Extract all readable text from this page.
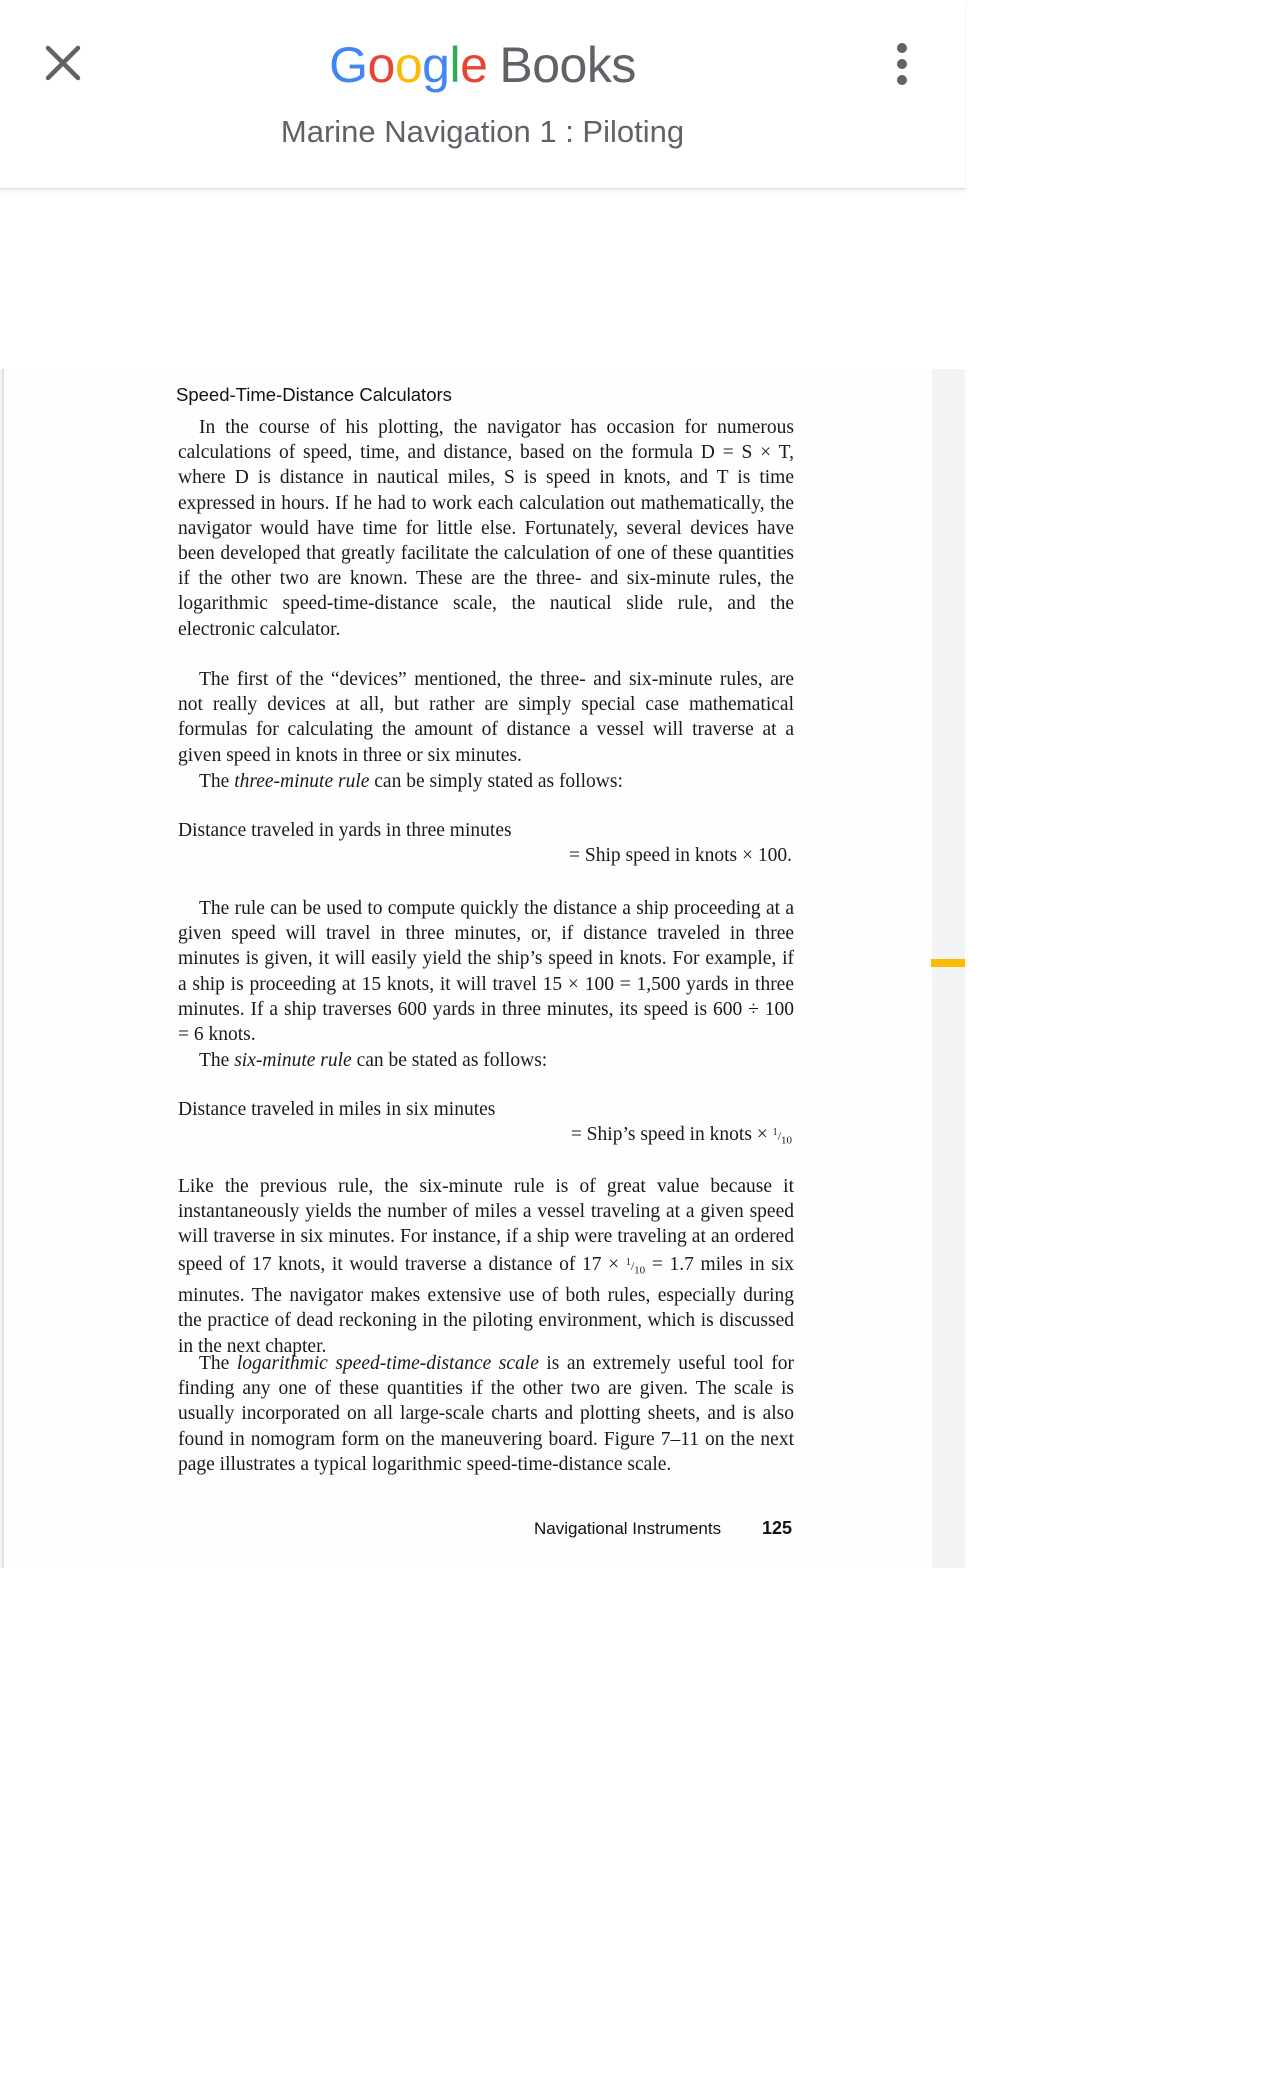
Google Books
Marine Navigation 1 : Piloting
Speed-Time-Distance Calculators

In the course of his plotting, the navigator has occasion for numerous calculations of speed, time, and distance, based on the formula D = S × T, where D is distance in nautical miles, S is speed in knots, and T is time expressed in hours. If he had to work each calculation out mathematically, the navigator would have time for little else. Fortunately, several devices have been developed that greatly facilitate the calculation of one of these quantities if the other two are known. These are the three- and six-minute rules, the logarithmic speed-time-distance scale, the nautical slide rule, and the electronic calculator.

The first of the “devices” mentioned, the three- and six-minute rules, are not really devices at all, but rather are simply special case mathematical formulas for calculating the amount of distance a vessel will traverse at a given speed in knots in three or six minutes.

The three-minute rule can be simply stated as follows:

Distance traveled in yards in three minutes
= Ship speed in knots × 100.

The rule can be used to compute quickly the distance a ship proceeding at a given speed will travel in three minutes, or, if distance traveled in three minutes is given, it will easily yield the ship’s speed in knots. For example, if a ship is proceeding at 15 knots, it will travel 15 × 100 = 1,500 yards in three minutes. If a ship traverses 600 yards in three minutes, its speed is 600 ÷ 100 = 6 knots.

The six-minute rule can be stated as follows:

Distance traveled in miles in six minutes
= Ship’s speed in knots × $^1/_{10}$

Like the previous rule, the six-minute rule is of great value because it instantaneously yields the number of miles a vessel traveling at a given speed will traverse in six minutes. For instance, if a ship were traveling at an ordered speed of 17 knots, it would traverse a distance of $17 \times ^1/_{10} = 1.7$ miles in six minutes. The navigator makes extensive use of both rules, especially during the practice of dead reckoning in the piloting environment, which is discussed in the next chapter.

The logarithmic speed-time-distance scale is an extremely useful tool for finding any one of these quantities if the other two are given. The scale is usually incorporated on all large-scale charts and plotting sheets, and is also found in nomogram form on the maneuvering board. Figure 7–11 on the next page illustrates a typical logarithmic speed-time-distance scale.

Navigational Instruments 125
